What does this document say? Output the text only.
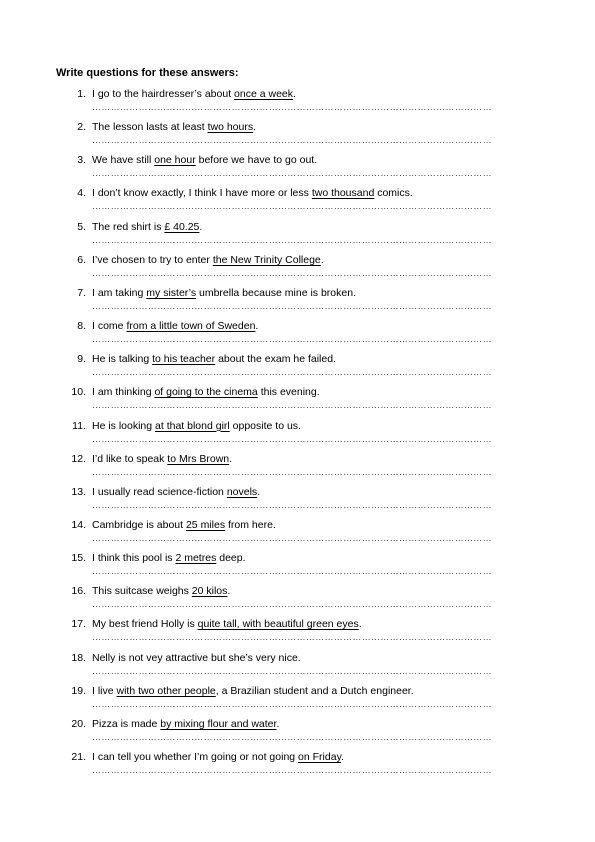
Write questions for these answers:
1. I go to the hairdresser’s about once a week.
…………………………………………………………………………………………………………………
2. The lesson lasts at least two hours.
…………………………………………………………………………………………………………………
3. We have still one hour before we have to go out.
…………………………………………………………………………………………………………………
4. I don’t know exactly, I think I have more or less two thousand comics.
…………………………………………………………………………………………………………………
5. The red shirt is £ 40.25.
…………………………………………………………………………………………………………………
6. I’ve chosen to try to enter the New Trinity College.
…………………………………………………………………………………………………………………
7. I am taking my sister’s umbrella because mine is broken.
…………………………………………………………………………………………………………………
8. I come from a little town of Sweden.
…………………………………………………………………………………………………………………
9. He is talking to his teacher about the exam he failed.
…………………………………………………………………………………………………………………
10. I am thinking of going to the cinema this evening.
…………………………………………………………………………………………………………………
11. He is looking at that blond girl opposite to us.
…………………………………………………………………………………………………………………
12. I’d like to speak to Mrs Brown.
…………………………………………………………………………………………………………………
13. I usually read science-fiction novels.
…………………………………………………………………………………………………………………
14. Cambridge is about 25 miles from here.
…………………………………………………………………………………………………………………
15. I think this pool is 2 metres deep.
…………………………………………………………………………………………………………………
16. This suitcase weighs 20 kilos.
…………………………………………………………………………………………………………………
17. My best friend Holly is quite tall, with beautiful green eyes.
…………………………………………………………………………………………………………………
18. Nelly is not vey attractive but she’s very nice.
…………………………………………………………………………………………………………………
19. I live with two other people, a Brazilian student and a Dutch engineer.
…………………………………………………………………………………………………………………
20. Pizza is made by mixing flour and water.
…………………………………………………………………………………………………………………
21. I can tell you whether I’m going or not going on Friday.
…………………………………………………………………………………………………………………
